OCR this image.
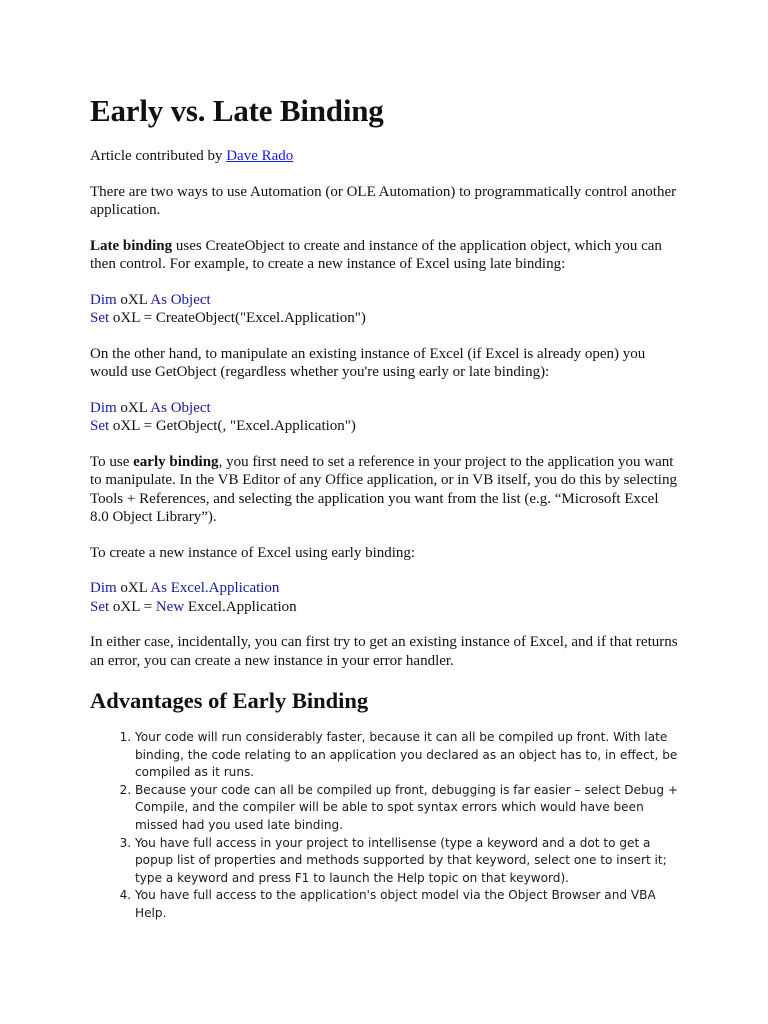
Early vs. Late Binding

Article contributed by Dave Rado

There are two ways to use Automation (or OLE Automation) to programmatically control another application.

Late binding uses CreateObject to create and instance of the application object, which you can then control. For example, to create a new instance of Excel using late binding:

Dim oXL As Object
Set oXL = CreateObject("Excel.Application")

On the other hand, to manipulate an existing instance of Excel (if Excel is already open) you would use GetObject (regardless whether you're using early or late binding):

Dim oXL As Object
Set oXL = GetObject(, "Excel.Application")

To use early binding, you first need to set a reference in your project to the application you want to manipulate. In the VB Editor of any Office application, or in VB itself, you do this by selecting Tools + References, and selecting the application you want from the list (e.g. “Microsoft Excel 8.0 Object Library”).

To create a new instance of Excel using early binding:

Dim oXL As Excel.Application
Set oXL = New Excel.Application

In either case, incidentally, you can first try to get an existing instance of Excel, and if that returns an error, you can create a new instance in your error handler.

Advantages of Early Binding
1. Your code will run considerably faster, because it can all be compiled up front. With late binding, the code relating to an application you declared as an object has to, in effect, be compiled as it runs.
2. Because your code can all be compiled up front, debugging is far easier – select Debug + Compile, and the compiler will be able to spot syntax errors which would have been missed had you used late binding.
3. You have full access in your project to intellisense (type a keyword and a dot to get a popup list of properties and methods supported by that keyword, select one to insert it; type a keyword and press F1 to launch the Help topic on that keyword).
4. You have full access to the application's object model via the Object Browser and VBA Help.
